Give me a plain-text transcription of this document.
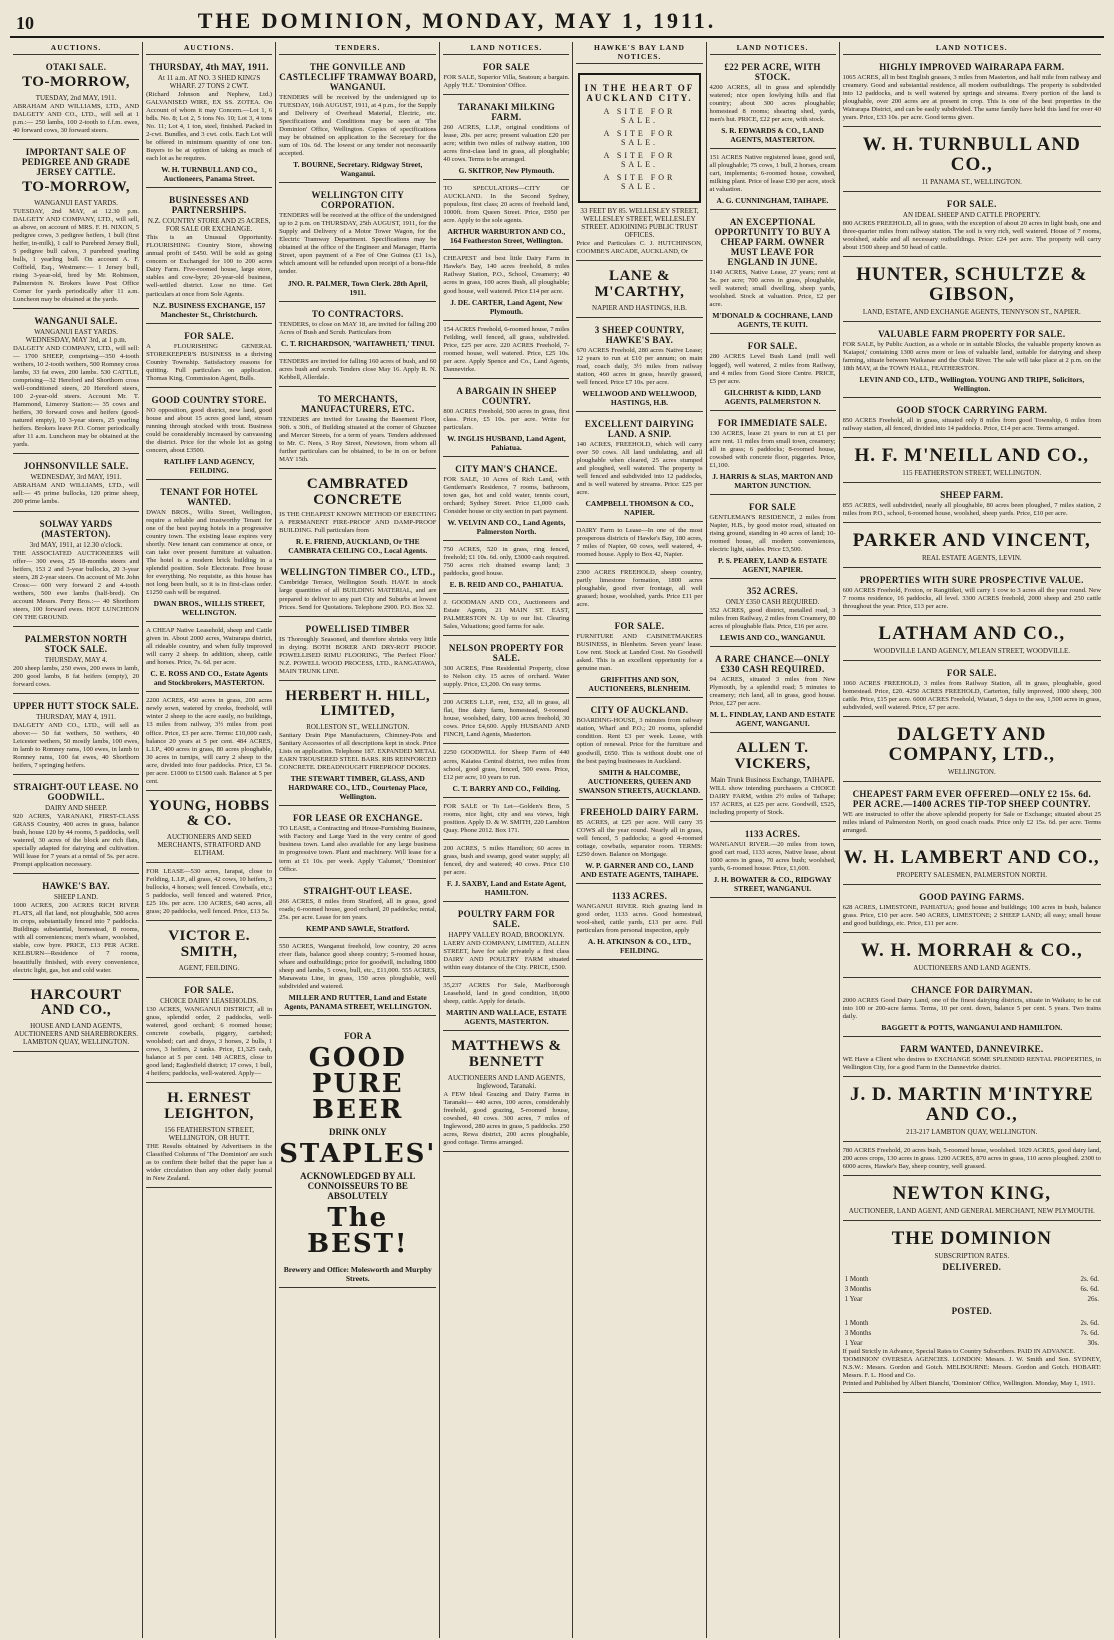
10	THE DOMINION, MONDAY, MAY 1, 1911.
AUCTIONS.
OTAKI SALE.
TO-MORROW,
TUESDAY, 2nd MAY, 1911.

ABRAHAM AND WILLIAMS, LTD., AND DALGETY AND CO., LTD., will sell at 1 p.m.:— 250 lambs, 100 2-tooth to f.f.m. ewes, 40 forward cows, 30 forward steers.

IMPORTANT SALE OF PEDIGREE AND GRADE JERSEY CATTLE.
TO-MORROW,
WANGANUI EAST YARDS.

TUESDAY, 2nd MAY, at 12.30 p.m. DALGETY AND COMPANY, LTD., will sell, as above, on account of MRS. F. H. NIXON, 5 pedigree cows, 3 pedigree heifers, 1 bull (first heifer, in-milk), 1 calf to Purebred Jersey Bull, 5 pedigree bull calves, 3 purebred yearling bulls, 1 yearling bull. On account A. F. Coffield, Esq., Westmere:— 1 Jersey bull, rising 3-year-old, bred by Mr. Robinson, Palmerston N. Brokers leave Post Office Corner for yards periodically after 11 a.m. Luncheon may be obtained at the yards.

WANGANUI SALE.
WANGANUI EAST YARDS. WEDNESDAY, MAY 3rd, at 1 p.m.

DALGETY AND COMPANY, LTD., will sell:— 1700 SHEEP, comprising—350 4-tooth wethers, 10 2-tooth wethers, 500 Romney cross lambs, 33 fat ewes, 200 lambs. 530 CATTLE, comprising—32 Hereford and Shorthorn cross well-conditioned steers, 20 Hereford steers, 100 2-year-old steers. Account Mr. T. Hammond, Limeroy Station:— 35 cows and heifers, 30 forward cows and heifers (good-natured empty), 10 3-year steers, 25 yearling heifers. Brokers leave P.O. Corner periodically after 11 a.m. Luncheon may be obtained at the yards.

JOHNSONVILLE SALE.
WEDNESDAY, 3rd MAY, 1911.

ABRAHAM AND WILLIAMS, LTD., will sell:— 45 prime bullocks, 120 prime sheep, 200 prime lambs.

SOLWAY YARDS (MASTERTON).
3rd MAY, 1911, at 12.30 o'clock.

THE ASSOCIATED AUCTIONEERS will offer— 300 ewes, 25 18-months steers and heifers, 153 2 and 3-year bullocks, 20 3-year steers, 28 2-year steers. On account of Mr. John Cross:— 600 very forward 2 and 4-tooth wethers, 500 ewe lambs (half-bred). On account Messrs. Perry Bros.:— 40 Shorthorn steers, 100 forward ewes. HOT LUNCHEON ON THE GROUND.

PALMERSTON NORTH STOCK SALE.
THURSDAY, MAY 4.

200 sheep lambs, 250 ewes, 200 ewes in lamb, 200 good lambs, 8 fat heifers (empty), 20 forward cows.

UPPER HUTT STOCK SALE.
THURSDAY, MAY 4, 1911.

DALGETY AND CO., LTD., will sell as above:— 50 fat wethers, 50 wethers, 40 Leicester wethers, 50 mostly lambs, 100 ewes, in lamb to Romney rams, 100 ewes, in lamb to Romney rams, 100 fat ewes, 40 Shorthorn heifers, 7 springing heifers.

STRAIGHT-OUT LEASE. NO GOODWILL.
DAIRY AND SHEEP.

920 ACRES, YARANAKI, FIRST-CLASS GRASS Country, 400 acres in grass, balance bush, house 120 by 44 rooms, 5 paddocks, well watered, 30 acres of the block are rich flats, specially adapted for dairying and cultivation. Will lease for 7 years at a rental of 5s. per acre. Prompt application necessary.

HAWKE'S BAY.
SHEEP LAND.

1000 ACRES, 200 ACRES RICH RIVER FLATS, all flat land, not ploughable, 500 acres in crops, substantially fenced into 7 paddocks. Buildings substantial, homestead, 8 rooms, with all conveniences; men's whare, woolshed, stable, cow byre. PRICE, £13 PER ACRE. KELBURN—Residence of 7 rooms, beautifully finished, with every convenience, electric light, gas, hot and cold water.

HARCOURT AND CO.,
HOUSE AND LAND AGENTS, AUCTIONEERS AND SHAREBROKERS. LAMBTON QUAY, WELLINGTON.
AUCTIONS.
THURSDAY, 4th MAY, 1911.
At 11 a.m. AT NO. 3 SHED KING'S WHARF. 27 TONS 2 CWT.

(Richard Johnson and Nephew, Ltd.) GALVANISED WIRE, EX SS. ZOTEA. On Account of whom it may Concern.—Lot 1, 6 bdls. No. 8; Lot 2, 5 tons No. 10; Lot 3, 4 tons No. 11; Lot 4, 1 ton, steel, finished. Packed in 2-cwt. Bundles, and 3 cwt. coils. Each Lot will be offered in minimum quantity of one ton. Buyers to be at option of taking as much of each lot as he requires.

W. H. TURNBULL AND CO., Auctioneers, Panama Street.
BUSINESSES AND PARTNERSHIPS.
N.Z. COUNTRY STORE AND 25 ACRES, FOR SALE OR EXCHANGE.

This is an Unusual Opportunity. FLOURISHING Country Store, showing annual profit of £450. Will be sold as going concern or Exchanged for 100 to 200 acres Dairy Farm. Five-roomed house, large store, stables and cow-byre; 20-year-old business, well-settled district. Lose no time. Get particulars at once from Sole Agents.

N.Z. BUSINESS EXCHANGE, 157 Manchester St., Christchurch.
FOR SALE.

A FLOURISHING GENERAL STOREKEEPER'S BUSINESS in a thriving Country Township. Satisfactory reasons for quitting. Full particulars on application. Thomas King, Commission Agent, Bulls.

GOOD COUNTRY STORE.

NO opposition, good district, new land, good house and about 15 acres good land, stream running through stocked with trout. Business could be considerably increased by canvassing the district. Price for the whole lot as going concern, about £3500.

RATLIFF LAND AGENCY, FEILDING.
TENANT FOR HOTEL WANTED.

DWAN BROS., Willis Street, Wellington, require a reliable and trustworthy Tenant for one of the best paying hotels in a progressive country town. The existing lease expires very shortly. New tenant can commence at once, or can take over present furniture at valuation. The hotel is a modern brick building in a splendid position. Sole Electorate. Free house for everything. No requisite, as this house has not long been built, so it is in first-class order. £1250 cash will be required.

DWAN BROS., WILLIS STREET, WELLINGTON.

A CHEAP Native Leasehold, sheep and Cattle given in. About 2000 acres, Wairarapa district, all rideable country, and when fully improved will carry 2 sheep. In addition, sheep, cattle and horses. Price, 7s. 6d. per acre.

C. E. ROSS AND CO., Estate Agents and Stockbrokers, MASTERTON.

2200 ACRES, 450 acres in grass, 200 acres newly sown, watered by creeks, freehold, will winter 2 sheep to the acre easily, no buildings, 13 miles from railway, 3½ miles from post office. Price, £3 per acre. Terms: £10,000 cash, balance 20 years at 5 per cent. 484 ACRES, L.I.P., 400 acres in grass, 80 acres ploughable, 30 acres in turnips, will carry 2 sheep to the acre, divided into four paddocks. Price, £3 5s. per acre. £1000 to £1500 cash. Balance at 5 per cent.

YOUNG, HOBBS & CO.
AUCTIONEERS AND SEED MERCHANTS, STRATFORD AND ELTHAM.

FOR LEASE—530 acres, Iarapai, close to Feilding, L.I.P., all grass, 42 cows, 10 heifers, 3 bullocks, 4 horses; well fenced. Cowbails, etc.; 5 paddocks, well fenced and watered. Price, £25 10s. per acre. 130 ACRES, 640 acres, all grass; 20 paddocks, well fenced. Price, £13 5s.

VICTOR E. SMITH,
AGENT, FEILDING.
FOR SALE.
CHOICE DAIRY LEASEHOLDS.

130 ACRES, WANGANUI DISTRICT, all in grass, splendid order, 2 paddocks, well-watered, good orchard; 6 roomed house; concrete cowbails, piggery, cartshed; woolshed; cart and drays, 3 horses, 2 bulls, 1 cows, 3 heifers, 2 tanks. Price, £1,325 cash, balance at 5 per cent. 148 ACRES, close to good land; Eaglesfield district; 17 cows, 1 bull, 4 heifers; paddocks, well-watered. Apply—

H. ERNEST LEIGHTON,
156 FEATHERSTON STREET, WELLINGTON, OR HUTT.

THE Results obtained by Advertisers in the Classified Columns of 'The Dominion' are such as to confirm their belief that the paper has a wider circulation than any other daily journal in New Zealand.

TENDERS.
THE GONVILLE AND CASTLECLIFF TRAMWAY BOARD, WANGANUI.

TENDERS will be received by the undersigned up to TUESDAY, 16th AUGUST, 1911, at 4 p.m., for the Supply and Delivery of Overhead Material, Electric, etc. Specifications and Conditions may be seen at 'The Dominion' Office, Wellington. Copies of specifications may be obtained on application to the Secretary for the sum of 10s. 6d. The lowest or any tender not necessarily accepted.

T. BOURNE, Secretary. Ridgway Street, Wanganui.
WELLINGTON CITY CORPORATION.

TENDERS will be received at the office of the undersigned up to 2 p.m. on THURSDAY, 25th AUGUST, 1911, for the Supply and Delivery of a Motor Tower Wagon, for the Electric Tramway Department. Specifications may be obtained at the office of the Engineer and Manager, Harris Street, upon payment of a Fee of One Guinea (£1 1s.), which amount will be refunded upon receipt of a bona-fide tender.

JNO. R. PALMER, Town Clerk. 28th April, 1911.
TO CONTRACTORS.

TENDERS, to close on MAY 18, are invited for falling 200 Acres of Bush and Scrub. Particulars from

C. T. RICHARDSON, 'WAITAWHETI,' TINUI.

TENDERS are invited for falling 160 acres of bush, and 60 acres bush and scrub. Tenders close May 16. Apply R. N. Kebbell, Allerdale.

TO MERCHANTS, MANUFACTURERS, ETC.

TENDERS are invited for Leasing the Basement Floor, 90ft. x 30ft., of Building situated at the corner of Ghuznee and Mercer Streets, for a term of years. Tenders addressed to Mr. C. Nees, 3 Roy Street, Newtown, from whom all further particulars can be obtained, to be in on or before MAY 15th.

CAMBRATED CONCRETE

IS THE CHEAPEST KNOWN METHOD OF ERECTING A PERMANENT FIRE-PROOF AND DAMP-PROOF BUILDING. Full particulars from

R. E. FRIEND, AUCKLAND, Or THE CAMBRATA CEILING CO., Local Agents.
WELLINGTON TIMBER CO., LTD.,

Cambridge Terrace, Wellington South. HAVE in stock large quantities of all BUILDING MATERIAL, and are prepared to deliver to any part City and Suburbs at lowest Prices. Send for Quotations. Telephone 2900. P.O. Box 32.

POWELLISED TIMBER

IS Thoroughly Seasoned, and therefore shrinks very little in drying. BOTH BORER AND DRY-ROT PROOF. POWELLISED RIMU FLOORING, 'The Perfect Floor.' N.Z. POWELL WOOD PROCESS, LTD., RANGATAWA, MAIN TRUNK LINE.

HERBERT H. HILL, LIMITED,
ROLLESTON ST., WELLINGTON.

Sanitary Drain Pipe Manufacturers, Chimney-Pots and Sanitary Accessories of all descriptions kept in stock. Price Lists on application. Telephone 187. EXPANDED METAL EARN TROUSERED STEEL BARS. RIB REINFORCED CONCRETE. DREADNOUGHT FIREPROOF DOORS.

THE STEWART TIMBER, GLASS, AND HARDWARE CO., LTD., Courtenay Place, Wellington.
FOR LEASE OR EXCHANGE.

TO LEASE, a Contracting and House-Furnishing Business, with Factory and Large Yard in the very centre of good business town. Land also available for any large business in progressive town. Plant and machinery. Will lease for a term at £1 10s. per week. Apply 'Calumet,' 'Dominion' Office.

STRAIGHT-OUT LEASE.

266 ACRES, 8 miles from Stratford, all in grass, good roads; 6-roomed house, good orchard, 20 paddocks; rental, 25s. per acre. Lease for ten years.

KEMP AND SAWLE, Stratford.

550 ACRES, Wanganui freehold, low country, 20 acres river flats, balance good sheep country; 5-roomed house, whare and outbuildings; price for goodwill, including 1800 sheep and lambs, 5 cows, bull, etc., £11,000. 555 ACRES, Manawatu Line, in grass, 150 acres ploughable, well subdivided and watered.

MILLER AND RUTTER, Land and Estate Agents, PANAMA STREET, WELLINGTON.
FOR A
GOOD
PURE BEER
DRINK ONLY
STAPLES'
ACKNOWLEDGED BY ALL CONNOISSEURS TO BE ABSOLUTELY
The BEST!
Brewery and Office: Molesworth and Murphy Streets.
LAND NOTICES.
FOR SALE

FOR SALE, Superior Villa, Seatoun; a bargain. Apply 'H.E.' 'Dominion' Office.

TARANAKI MILKING FARM.

260 ACRES, L.I.P., original conditions of lease, 20s. per acre; present valuation £20 per acre; within two miles of railway station, 100 acres first-class land in grass, all ploughable; 40 cows. Terms to be arranged.

G. SKITROP, New Plymouth.

TO SPECULATORS—CITY OF AUCKLAND. In the Second Sydney, populous, first class; 20 acres of freehold land, 1000ft. from Queen Street. Price, £950 per acre. Apply to the sole agents.

ARTHUR WARBURTON AND CO., 164 Featherston Street, Wellington.

CHEAPEST and best little Dairy Farm in Hawke's Bay, 140 acres freehold, 8 miles Railway Station, P.O., School, Creamery; 40 acres in grass, 100 acres Bush, all ploughable; good house, well watered. Price £14 per acre.

J. DE. CARTER, Land Agent, New Plymouth.

154 ACRES Freehold, 6-roomed house, 7 miles Feilding, well fenced, all grass, subdivided. Price, £25 per acre. 220 ACRES Freehold, 7-roomed house, well watered. Price, £25 10s. per acre. Apply Spence and Co., Land Agents, Dannevirke.

A BARGAIN IN SHEEP COUNTRY.

800 ACRES Freehold, 500 acres in grass, first class. Price, £5 10s. per acre. Write for particulars.

W. INGLIS HUSBAND, Land Agent, Pahiatua.
CITY MAN'S CHANCE.

FOR SALE, 10 Acres of Rich Land, with Gentleman's Residence, 7 rooms, bathroom, town gas, hot and cold water, tennis court, orchard; Sydney Street. Price £1,000 cash. Consider house or city section in part payment.

W. VELVIN AND CO., Land Agents, Palmerston North.

750 ACRES, 520 in grass, ring fenced, freehold; £1 10s. 6d. only, £3000 cash required. 750 acres rich drained swamp land; 3 paddocks, good house.

E. B. REID AND CO., PAHIATUA.

J. GOODMAN AND CO., Auctioneers and Estate Agents, 21 MAIN ST. EAST, PALMERSTON N. Up to our list. Clearing Sales, Valuations; good farms for sale.

NELSON PROPERTY FOR SALE.

300 ACRES, Fine Residential Property, close to Nelson city. 15 acres of orchard. Water supply. Price, £3,200. On easy terms.

200 ACRES L.I.P., rent, £32, all in grass, all flat, fine dairy farm, homestead, 9-roomed house, woolshed, dairy, 100 acres freehold, 30 cows. Price £4,600. Apply HUSBAND AND FINCH, Land Agents, Masterton.

2250 GOODWILL for Sheep Farm of 440 acres, Kaiatea Central district, two miles from school, good grass, fenced, 500 ewes. Price, £12 per acre, 10 years to run.

C. T. BARRY AND CO., Feilding.

FOR SALE or To Let—Golden's Bros, 5 rooms, nice light, city and sea views, high position. Apply D. & W. SMITH, 220 Lambton Quay. Phone 2012. Box 171.

200 ACRES, 5 miles Hamilton; 60 acres in grass, bush and swamp, good water supply; all fenced, dry and watered; 40 cows. Price £10 per acre.

F. J. SAXBY, Land and Estate Agent, HAMILTON.
POULTRY FARM FOR SALE.
HAPPY VALLEY ROAD, BROOKLYN.

LAERY AND COMPANY, LIMITED, ALLEN STREET, have for sale privately a first class DAIRY AND POULTRY FARM situated within easy distance of the City. PRICE, £500.

35,237 ACRES For Sale, Marlborough Leasehold, land in good condition, 18,000 sheep, cattle. Apply for details.

MARTIN AND WALLACE, ESTATE AGENTS, MASTERTON.
MATTHEWS & BENNETT
AUCTIONEERS AND LAND AGENTS, Inglewood, Taranaki.

A FEW Ideal Grazing and Dairy Farms in Taranaki— 440 acres, 100 acres, considerably freehold, good grazing, 5-roomed house, cowshed, 40 cows. 300 acres, 7 miles of Inglewood, 280 acres in grass, 5 paddocks. 250 acres, Rewa district, 200 acres ploughable, good cottage. Terms arranged.

HAWKE'S BAY LAND NOTICES.
IN THE HEART OF AUCKLAND CITY.
A SITE FOR SALE.
A SITE FOR SALE.
A SITE FOR SALE.
A SITE FOR SALE.
33 FEET BY 85. WELLESLEY STREET, WELLESLEY STREET, WELLESLEY STREET. ADJOINING PUBLIC TRUST OFFICES.

Price and Particulars C. J. HUTCHINSON, COOMBE'S ARCADE, AUCKLAND, Or

LANE & M'CARTHY,
NAPIER AND HASTINGS, H.B.
3 SHEEP COUNTRY, HAWKE'S BAY.

670 ACRES Freehold, 280 acres Native Lease; 12 years to run at £10 per annum; on main road, coach daily, 3½ miles from railway station, 460 acres in grass, heavily grassed, well fenced. Price £7 10s. per acre.

WELLWOOD AND WELLWOOD, HASTINGS, H.B.
EXCELLENT DAIRYING LAND. A SNIP.

140 ACRES, FREEHOLD, which will carry over 50 cows. All land undulating, and all ploughable when cleared, 25 acres stumped and ploughed, well watered. The property is well fenced and subdivided into 12 paddocks, and is well watered by streams. Price: £25 per acre.

CAMPBELL THOMSON & CO., NAPIER.

DAIRY Farm to Lease—In one of the most prosperous districts of Hawke's Bay, 180 acres, 7 miles of Napier, 60 cows, well watered, 4-roomed house. Apply to Box 42, Napier.

2300 ACRES FREEHOLD, sheep country, partly limestone formation, 1800 acres ploughable, good river frontage, all well grassed; house, woolshed, yards. Price £11 per acre.

FOR SALE.

FURNITURE AND CABINETMAKERS BUSINESS, in Blenheim. Seven years' lease. Low rent. Stock at Landed Cost. No Goodwill asked. This is an excellent opportunity for a genuine man.

GRIFFITHS AND SON, AUCTIONEERS, BLENHEIM.
CITY OF AUCKLAND.

BOARDING-HOUSE, 3 minutes from railway station, Wharf and P.O.; 20 rooms, splendid condition. Rent £3 per week. Lease, with option of renewal. Price for the furniture and goodwill, £650. This is without doubt one of the best paying businesses in Auckland.

SMITH & HALCOMBE, AUCTIONEERS, QUEEN AND SWANSON STREETS, AUCKLAND.
FREEHOLD DAIRY FARM.

85 ACRES, at £25 per acre. Will carry 35 COWS all the year round. Nearly all in grass, well fenced, 5 paddocks; a good 4-roomed cottage, cowbails, separator room. TERMS: £250 down. Balance on Mortgage.

W. P. GARNER AND CO., LAND AND ESTATE AGENTS, TAIHAPE.
1133 ACRES.

WANGANUI RIVER. Rich grazing land in good order, 1133 acres. Good homestead, wool-shed, cattle yards, £13 per acre. Full particulars from personal inspection, apply

A. H. ATKINSON & CO., LTD., FEILDING.
LAND NOTICES.
£22 PER ACRE, WITH STOCK.

4200 ACRES, all in grass and splendidly watered; nice open lowlying hills and flat country; about 300 acres ploughable; homestead 8 rooms; shearing shed, yards, men's hut. PRICE, £22 per acre, with stock.

S. R. EDWARDS & CO., LAND AGENTS, MASTERTON.

151 ACRES Native registered lease, good soil, all ploughable; 75 cows, 1 bull, 2 horses, cream cart, implements; 6-roomed house, cowshed, milking plant. Price of lease £30 per acre, stock at valuation.

A. G. CUNNINGHAM, TAIHAPE.
AN EXCEPTIONAL OPPORTUNITY TO BUY A CHEAP FARM. OWNER MUST LEAVE FOR ENGLAND IN JUNE.

1140 ACRES, Native Lease, 27 years; rent at 5s. per acre; 700 acres in grass, ploughable, well watered; small dwelling, sheep yards, woolshed. Stock at valuation. Price, £2 per acre.

M'DONALD & COCHRANE, LAND AGENTS, TE KUITI.
FOR SALE.

280 ACRES Level Bush Land (mill well logged), well watered, 2 miles from Railway, and 4 miles from Good Store Centre. PRICE, £5 per acre.

GILCHRIST & KIDD, LAND AGENTS, PALMERSTON N.
FOR IMMEDIATE SALE.

130 ACRES, lease 21 years to run at £1 per acre rent. 11 miles from small town, creamery; all in grass; 6 paddocks; 8-roomed house, cowshed with concrete floor, piggeries. Price, £1,100.

J. HARRIS & SLAS, MARTON AND MARTON JUNCTION.
FOR SALE

GENTLEMAN'S RESIDENCE, 2 miles from Napier, H.B., by good motor road, situated on rising ground, standing in 40 acres of land; 10-roomed house, all modern conveniences, electric light, stables. Price £3,500.

P. S. PEAREY, LAND & ESTATE AGENT, NAPIER.
352 ACRES.
ONLY £350 CASH REQUIRED.

352 ACRES, good district, metalled road, 3 miles from Railway, 2 miles from Creamery, 80 acres of ploughable flats. Price, £16 per acre.

LEWIS AND CO., WANGANUI.
A RARE CHANCE—ONLY £330 CASH REQUIRED.

94 ACRES, situated 3 miles from New Plymouth, by a splendid road; 5 minutes to creamery; rich land, all in grass, good house. Price, £27 per acre.

M. L. FINDLAY, LAND AND ESTATE AGENT, WANGANUI.
ALLEN T. VICKERS,
Main Trunk Business Exchange, TAIHAPE.

WILL show intending purchasers a CHOICE DAIRY FARM, within 2½ miles of Taihape; 157 ACRES, at £25 per acre. Goodwill, £525, including property of Stock.

1133 ACRES.

WANGANUI RIVER.—20 miles from town, good cart road, 1133 acres, Native lease, about 1000 acres in grass, 70 acres bush; woolshed, yards, 6-roomed house. Price, £1,600.

J. H. BOWATER & CO., RIDGWAY STREET, WANGANUI.
LAND NOTICES.
HIGHLY IMPROVED WAIRARAPA FARM.

1065 ACRES, all in best English grasses, 3 miles from Masterton, and half mile from railway and creamery. Good and substantial residence, all modern outbuildings. The property is subdivided into 12 paddocks, and is well watered by springs and streams. Every portion of the land is ploughable, over 200 acres are at present in crop. This is one of the best properties in the Wairarapa District, and can be easily subdivided. The same family have held this land for over 40 years. Price, £33 10s. per acre. Good terms given.

W. H. TURNBULL AND CO.,
11 PANAMA ST., WELLINGTON.
FOR SALE.
AN IDEAL SHEEP AND CATTLE PROPERTY.

800 ACRES FREEHOLD, all in grass, with the exception of about 20 acres in light bush, one and three-quarter miles from railway station. The soil is very rich, well watered. House of 7 rooms, woolshed, stable and all necessary outbuildings. Price: £24 per acre. The property will carry about 1500 sheep and 50 head of cattle.

HUNTER, SCHULTZE & GIBSON,
LAND, ESTATE, AND EXCHANGE AGENTS, TENNYSON ST., NAPIER.
VALUABLE FARM PROPERTY FOR SALE.

FOR SALE, by Public Auction, as a whole or in suitable Blocks, the valuable property known as 'Kaiapoi,' containing 1300 acres more or less of valuable land, suitable for dairying and sheep farming, situate between Waikanae and the Otaki River. The sale will take place at 2 p.m. on the 18th MAY, at the TOWN HALL, FEATHERSTON.

LEVIN AND CO., LTD., Wellington. YOUNG AND TRIPE, Solicitors, Wellington.
GOOD STOCK CARRYING FARM.

850 ACRES Freehold, all in grass, situated only 8 miles from good Township, 6 miles from railway station, all fenced, divided into 14 paddocks. Price, £14 per acre. Terms arranged.

H. F. M'NEILL AND CO.,
115 FEATHERSTON STREET, WELLINGTON.
SHEEP FARM.

855 ACRES, well subdivided, nearly all ploughable, 80 acres been ploughed, 7 miles station, 2 miles from P.O., school, 6-roomed house, woolshed, sheep yards. Price, £10 per acre.

PARKER AND VINCENT,
REAL ESTATE AGENTS, LEVIN.
PROPERTIES WITH SURE PROSPECTIVE VALUE.

600 ACRES Freehold, Foxton, or Rangitikei, will carry 1 cow to 3 acres all the year round. New 7 rooms residence, 16 paddocks, all level. 3300 ACRES freehold, 2000 sheep and 250 cattle throughout the year. Price, £13 per acre.

LATHAM AND CO.,
WOODVILLE LAND AGENCY, M'LEAN STREET, WOODVILLE.
FOR SALE.

1060 ACRES FREEHOLD, 3 miles from Railway Station, all in grass, ploughable, good homestead. Price, £20. 4250 ACRES FREEHOLD, Carterton, fully improved, 1000 sheep, 300 cattle. Price, £15 per acre. 6000 ACRES Freehold, Wiatari, 5 days to the sea, 1,500 acres in grass, subdivided, well watered. Price, £7 per acre.

DALGETY AND COMPANY, LTD.,
WELLINGTON.
CHEAPEST FARM EVER OFFERED—ONLY £2 15s. 6d. PER ACRE.—1400 ACRES TIP-TOP SHEEP COUNTRY.

WE are instructed to offer the above splendid property for Sale or Exchange; situated about 25 miles inland of Palmerston North, on good coach roads. Price only £2 15s. 6d. per acre. Terms arranged.

W. H. LAMBERT AND CO.,
PROPERTY SALESMEN, PALMERSTON NORTH.
GOOD PAYING FARMS.

628 ACRES, LIMESTONE, PAHIATUA; good house and buildings; 100 acres in bush, balance grass. Price, £10 per acre. 540 ACRES, LIMESTONE; 2 SHEEP LAND; all easy; small house and good buildings, etc. Price, £11 per acre.

W. H. MORRAH & CO.,
AUCTIONEERS AND LAND AGENTS.
CHANCE FOR DAIRYMAN.

2000 ACRES Good Dairy Land, one of the finest dairying districts, situate in Waikato; to be cut into 100 or 200-acre farms. Terms, 10 per cent. down, balance 5 per cent. 5 years. Two trains daily.

BAGGETT & POTTS, WANGANUI AND HAMILTON.
FARM WANTED, DANNEVIRKE.

WE Have a Client who desires to EXCHANGE SOME SPLENDID RENTAL PROPERTIES, in Wellington City, for a good Farm in the Dannevirke district.

J. D. MARTIN M'INTYRE AND CO.,
213-217 LAMBTON QUAY, WELLINGTON.

780 ACRES Freehold, 20 acres bush, 5-roomed house, woolshed. 1029 ACRES, good dairy land, 200 acres crops, 130 acres in grass. 1200 ACRES, 870 acres in grass, 110 acres ploughed. 2300 to 6000 acres, Hawke's Bay, sheep country, well grassed.

NEWTON KING,
AUCTIONEER, LAND AGENT, AND GENERAL MERCHANT, NEW PLYMOUTH.
THE DOMINION
SUBSCRIPTION RATES.
DELIVERED.
1 Month	2s. 6d.
3 Months	6s. 6d.
1 Year	26s.
POSTED.
1 Month	2s. 6d.
3 Months	7s. 6d.
1 Year	30s.

If paid Strictly in Advance, Special Rates to Country Subscribers. PAID IN ADVANCE.

'DOMINION' OVERSEA AGENCIES. LONDON: Messrs. J. W. Smith and Son. SYDNEY, N.S.W.: Messrs. Gordon and Gotch. MELBOURNE: Messrs. Gordon and Gotch. HOBART: Messrs. F. L. Hood and Co.

Printed and Published by Albert Bianchi, 'Dominion' Office, Wellington. Monday, May 1, 1911.
